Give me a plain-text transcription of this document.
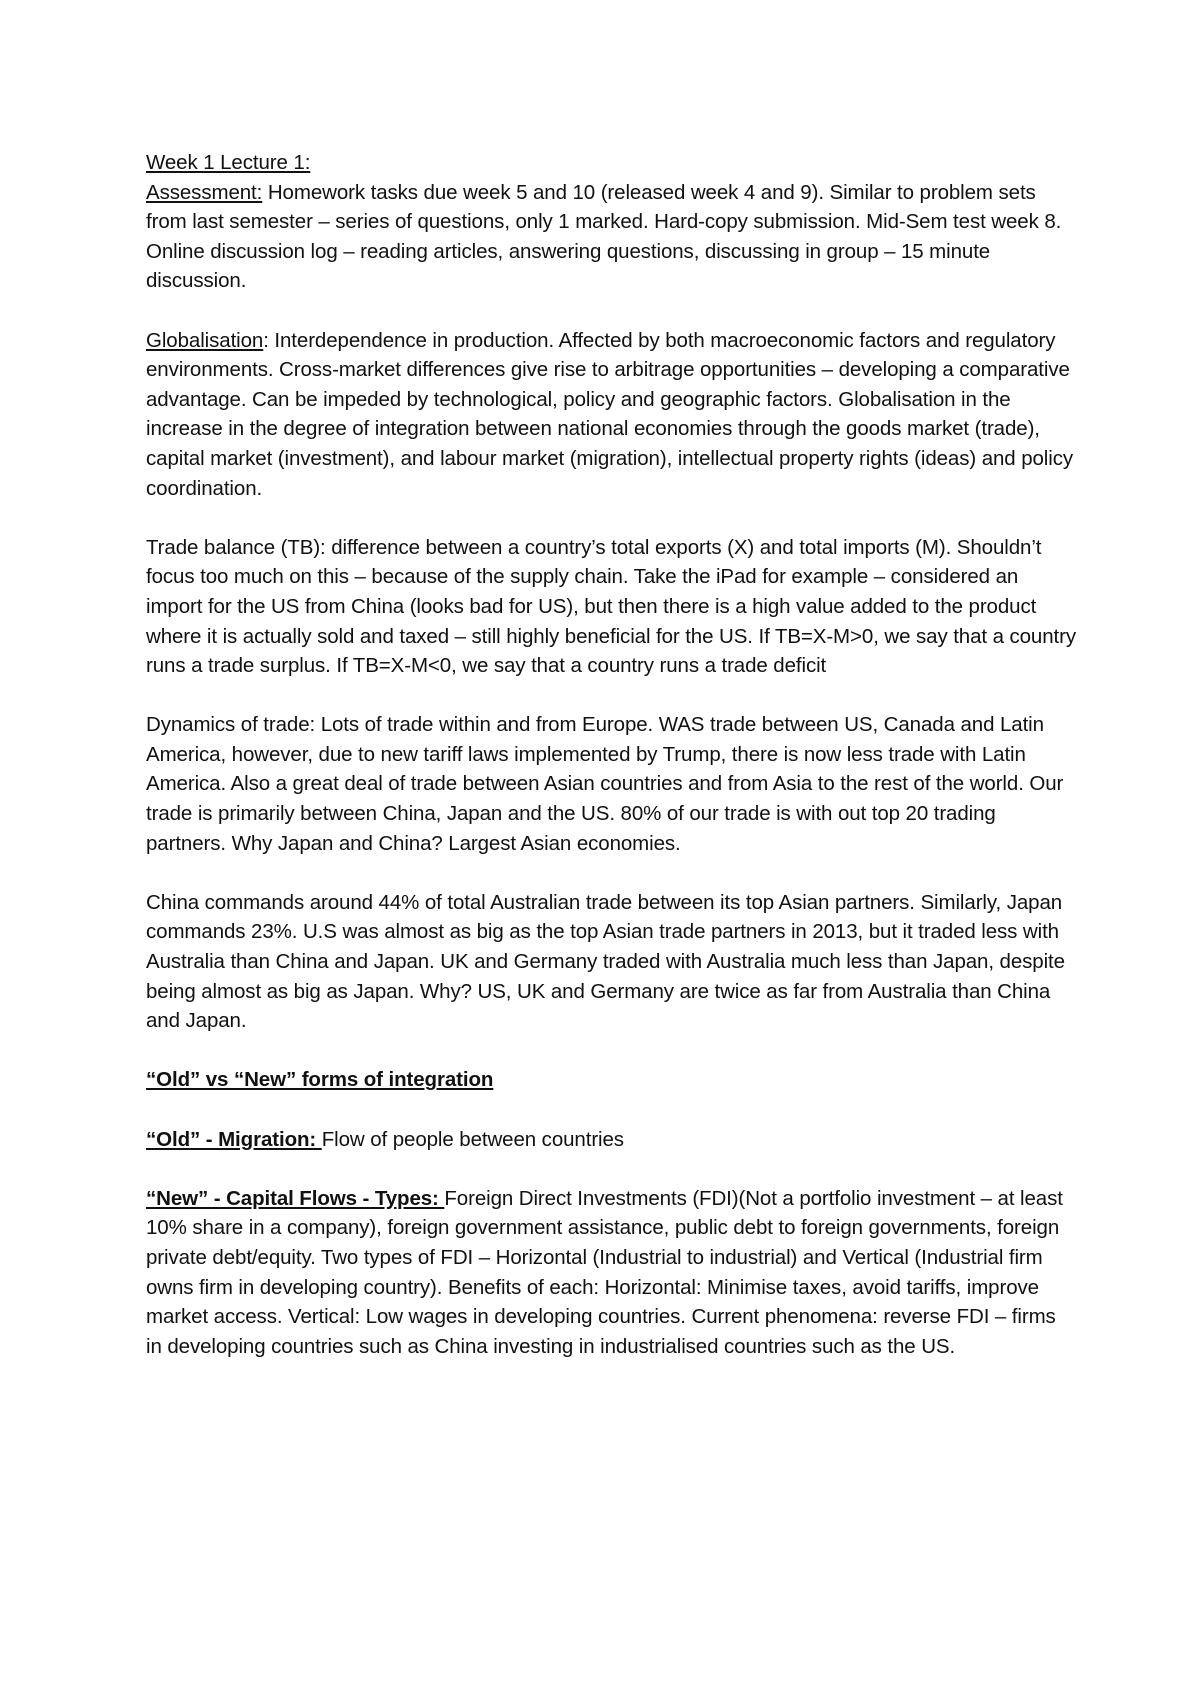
Week 1 Lecture 1:

Assessment: Homework tasks due week 5 and 10 (released week 4 and 9). Similar to problem sets from last semester – series of questions, only 1 marked. Hard-copy submission. Mid-Sem test week 8. Online discussion log – reading articles, answering questions, discussing in group – 15 minute discussion.

Globalisation: Interdependence in production. Affected by both macroeconomic factors and regulatory environments. Cross-market differences give rise to arbitrage opportunities – developing a comparative advantage. Can be impeded by technological, policy and geographic factors. Globalisation in the increase in the degree of integration between national economies through the goods market (trade), capital market (investment), and labour market (migration), intellectual property rights (ideas) and policy coordination.

Trade balance (TB): difference between a country’s total exports (X) and total imports (M). Shouldn’t focus too much on this – because of the supply chain. Take the iPad for example – considered an import for the US from China (looks bad for US), but then there is a high value added to the product where it is actually sold and taxed – still highly beneficial for the US. If TB=X-M>0, we say that a country runs a trade surplus. If TB=X-M<0, we say that a country runs a trade deficit

Dynamics of trade: Lots of trade within and from Europe. WAS trade between US, Canada and Latin America, however, due to new tariff laws implemented by Trump, there is now less trade with Latin America. Also a great deal of trade between Asian countries and from Asia to the rest of the world. Our trade is primarily between China, Japan and the US. 80% of our trade is with out top 20 trading partners. Why Japan and China? Largest Asian economies.

China commands around 44% of total Australian trade between its top Asian partners. Similarly, Japan commands 23%. U.S was almost as big as the top Asian trade partners in 2013, but it traded less with Australia than China and Japan. UK and Germany traded with Australia much less than Japan, despite being almost as big as Japan. Why? US, UK and Germany are twice as far from Australia than China and Japan.

“Old” vs “New” forms of integration

“Old” - Migration: Flow of people between countries

“New” - Capital Flows - Types: Foreign Direct Investments (FDI)(Not a portfolio investment – at least 10% share in a company), foreign government assistance, public debt to foreign governments, foreign private debt/equity. Two types of FDI – Horizontal (Industrial to industrial) and Vertical (Industrial firm owns firm in developing country). Benefits of each: Horizontal: Minimise taxes, avoid tariffs, improve market access. Vertical: Low wages in developing countries. Current phenomena: reverse FDI – firms in developing countries such as China investing in industrialised countries such as the US.
